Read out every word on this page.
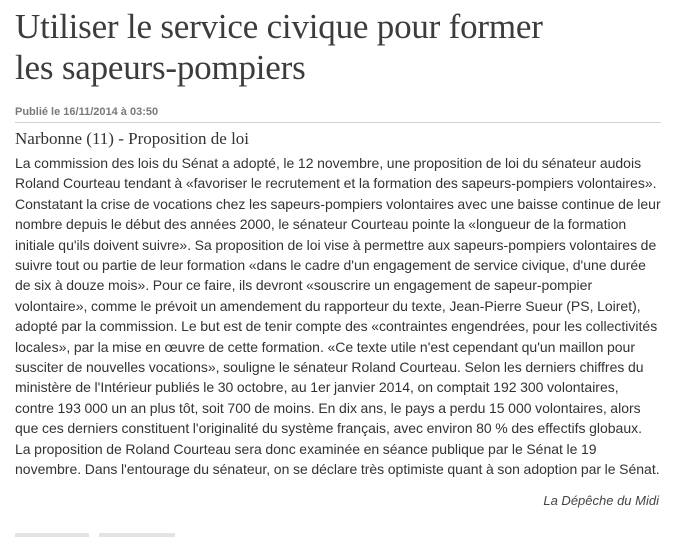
Utiliser le service civique pour former
les sapeurs-pompiers
Publié le 16/11/2014 à 03:50
Narbonne (11) - Proposition de loi
La commission des lois du Sénat a adopté, le 12 novembre, une proposition de loi du sénateur audois Roland Courteau tendant à «favoriser le recrutement et la formation des sapeurs-pompiers volontaires». Constatant la crise de vocations chez les sapeurs-pompiers volontaires avec une baisse continue de leur nombre depuis le début des années 2000, le sénateur Courteau pointe la «longueur de la formation initiale qu'ils doivent suivre». Sa proposition de loi vise à permettre aux sapeurs-pompiers volontaires de suivre tout ou partie de leur formation «dans le cadre d'un engagement de service civique, d'une durée de six à douze mois». Pour ce faire, ils devront «souscrire un engagement de sapeur-pompier volontaire», comme le prévoit un amendement du rapporteur du texte, Jean-Pierre Sueur (PS, Loiret), adopté par la commission. Le but est de tenir compte des «contraintes engendrées, pour les collectivités locales», par la mise en œuvre de cette formation. «Ce texte utile n'est cependant qu'un maillon pour susciter de nouvelles vocations», souligne le sénateur Roland Courteau. Selon les derniers chiffres du ministère de l'Intérieur publiés le 30 octobre, au 1er janvier 2014, on comptait 192 300 volontaires, contre 193 000 un an plus tôt, soit 700 de moins. En dix ans, le pays a perdu 15 000 volontaires, alors que ces derniers constituent l'originalité du système français, avec environ 80 % des effectifs globaux. La proposition de Roland Courteau sera donc examinée en séance publique par le Sénat le 19 novembre. Dans l'entourage du sénateur, on se déclare très optimiste quant à son adoption par le Sénat.
La Dépêche du Midi
